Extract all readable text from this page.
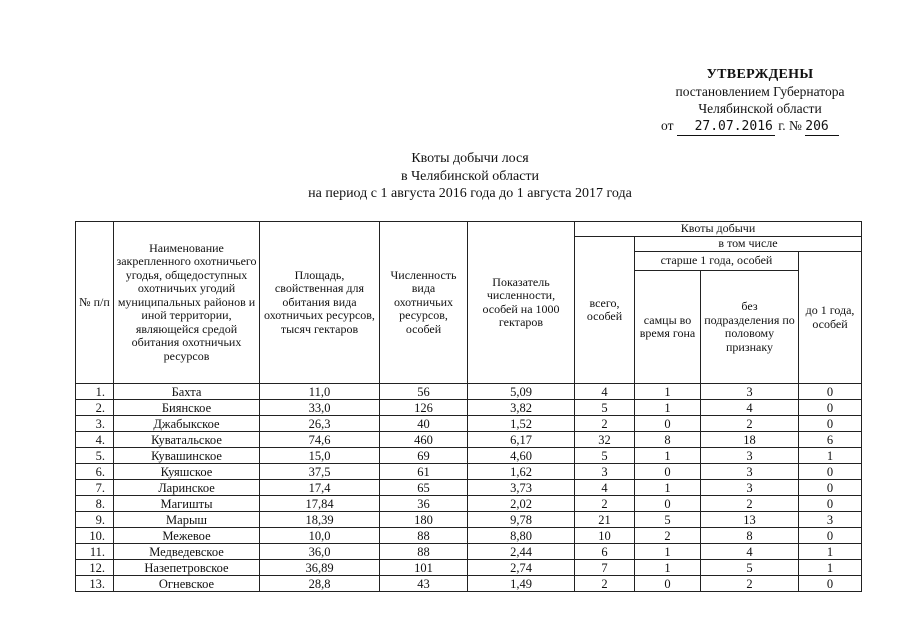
УТВЕРЖДЕНЫ
постановлением Губернатора
Челябинской области
от 27.07.2016 г. № 206
Квоты добычи лося
в Челябинской области
на период с 1 августа 2016 года до 1 августа 2017 года
№ п/п	Наименование закрепленного охотничьего угодья, общедоступных охотничьих угодий муниципальных районов и иной территории, являющейся средой обитания охотничьих ресурсов	Площадь, свойственная для обитания вида охотничьих ресурсов, тысяч гектаров	Численность вида охотничьих ресурсов, особей	Показатель численности, особей на 1000 гектаров	Квоты добычи			
					всего, особей	в том числе		
						старше 1 года, особей		до 1 года, особей
						самцы во время гона	без подразделения по половому признаку	
1.	Бахта	11,0	56	5,09	4	1	3	0
2.	Биянское	33,0	126	3,82	5	1	4	0
3.	Джабыкское	26,3	40	1,52	2	0	2	0
4.	Куватальское	74,6	460	6,17	32	8	18	6
5.	Кувашинское	15,0	69	4,60	5	1	3	1
6.	Куяшское	37,5	61	1,62	3	0	3	0
7.	Ларинское	17,4	65	3,73	4	1	3	0
8.	Магишты	17,84	36	2,02	2	0	2	0
9.	Марыш	18,39	180	9,78	21	5	13	3
10.	Межевое	10,0	88	8,80	10	2	8	0
11.	Медведевское	36,0	88	2,44	6	1	4	1
12.	Назепетровское	36,89	101	2,74	7	1	5	1
13.	Огневское	28,8	43	1,49	2	0	2	0
